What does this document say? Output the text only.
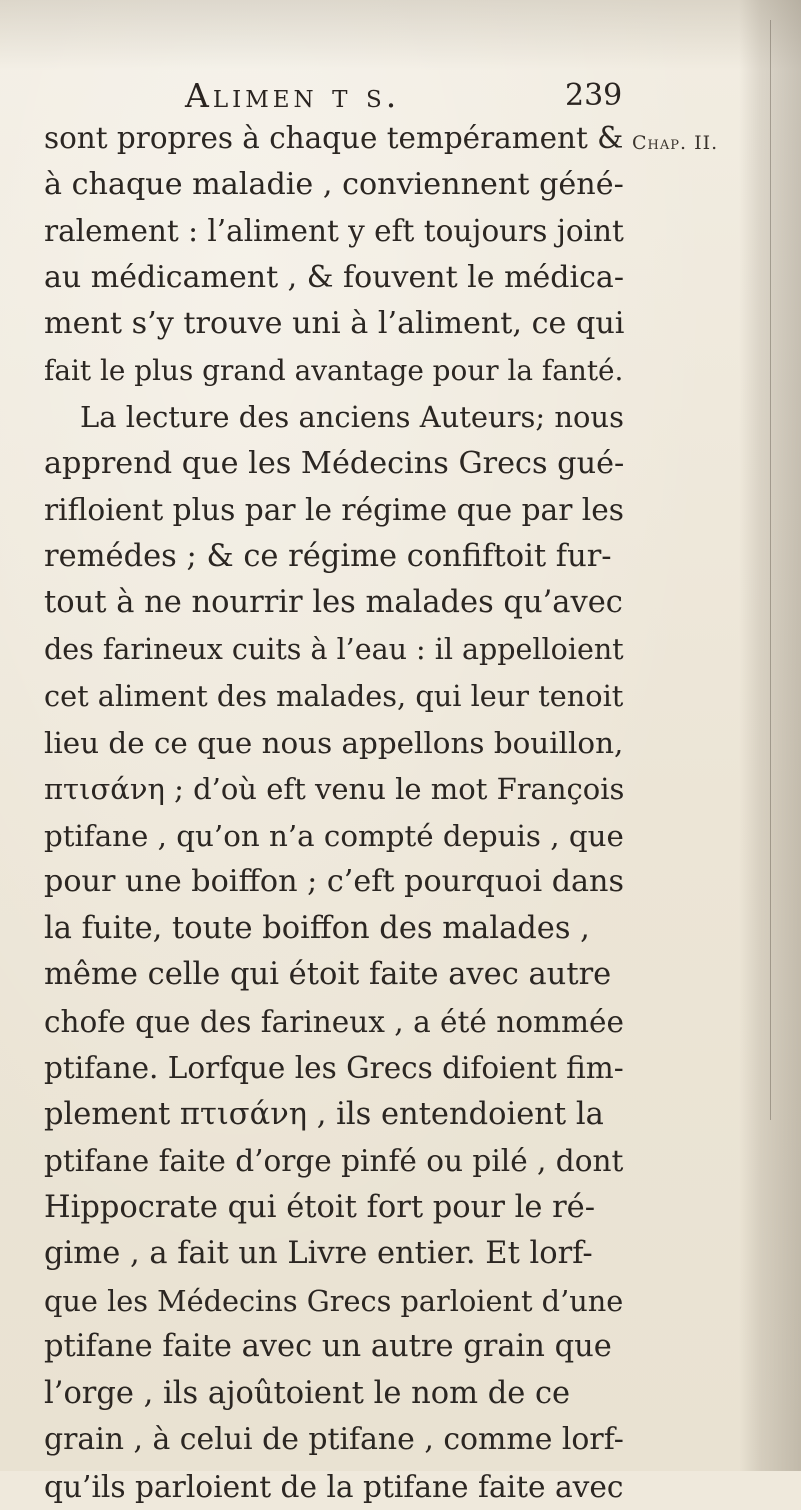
Alimen t s.	239
Chap. II.
sont propres à chaque tempérament &
à chaque maladie , conviennent géné-
ralement : l’aliment y eft toujours joint
au médicament , & fouvent le médica-
ment s’y trouve uni à l’aliment, ce qui
fait le plus grand avantage pour la fanté.
La lecture des anciens Auteurs; nous
apprend que les Médecins Grecs gué-
rifloient plus par le régime que par les
remédes ; & ce régime confiftoit fur-
tout à ne nourrir les malades qu’avec
des farineux cuits à l’eau : il appelloient
cet aliment des malades, qui leur tenoit
lieu de ce que nous appellons bouillon,
πτισάνη ; d’où eft venu le mot François
ptifane , qu’on n’a compté depuis , que
pour une boiffon ; c’eft pourquoi dans
la fuite, toute boiffon des malades ,
même celle qui étoit faite avec autre
chofe que des farineux , a été nommée
ptifane. Lorfque les Grecs difoient fim-
plement πτισάνη , ils entendoient la
ptifane faite d’orge pinfé ou pilé , dont
Hippocrate qui étoit fort pour le ré-
gime , a fait un Livre entier. Et lorf-
que les Médecins Grecs parloient d’une
ptifane faite avec un autre grain que
l’orge , ils ajoûtoient le nom de ce
grain , à celui de ptifane , comme lorf-
qu’ils parloient de la ptifane faite avec
